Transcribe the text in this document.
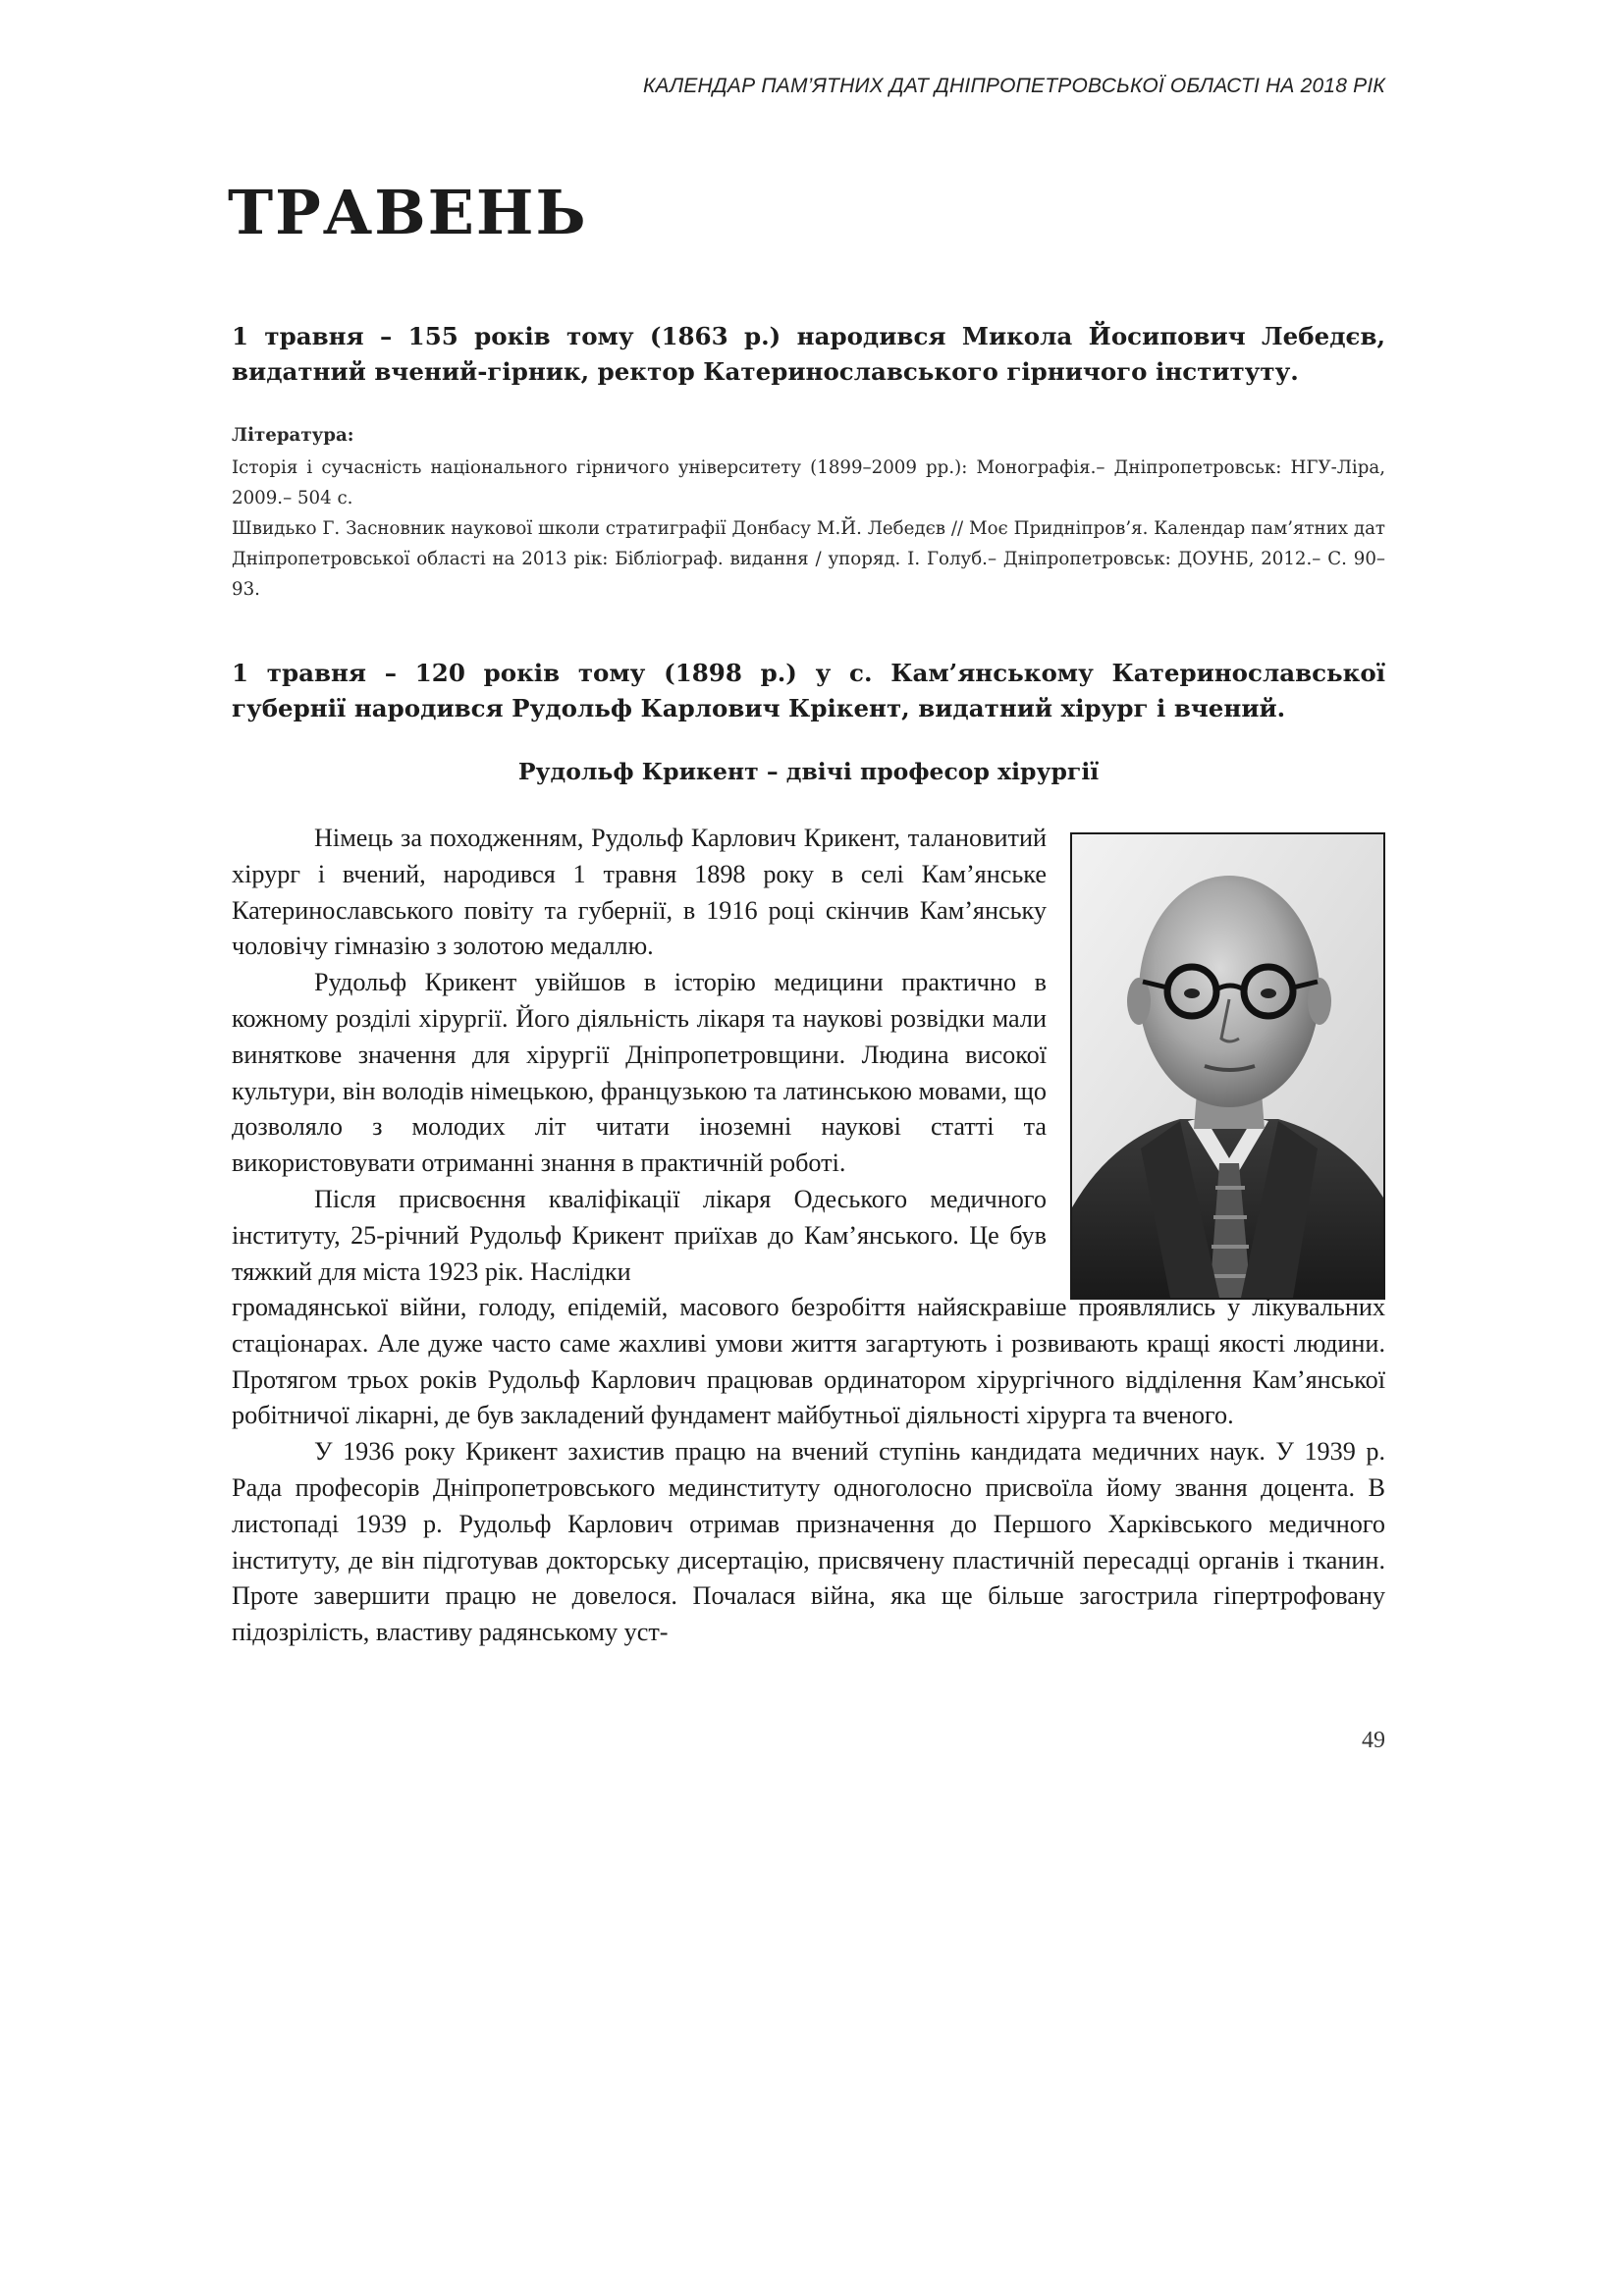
КАЛЕНДАР ПАМ’ЯТНИХ ДАТ ДНІПРОПЕТРОВСЬКОЇ ОБЛАСТІ НА 2018 РІК
ТРАВЕНЬ

1 травня – 155 років тому (1863 р.) народився Микола Йосипович Лебедєв, видатний вчений-гірник, ректор Катеринославського гірничого інституту.

Література:

Історія і сучасність національного гірничого університету (1899–2009 рр.): Монографія.– Дніпропетровськ: НГУ-Ліра, 2009.– 504 с.

Швидько Г. Засновник наукової школи стратиграфії Донбасу М.Й. Лебедєв // Моє Придніпров’я. Календар пам’ятних дат Дніпропетровської області на 2013 рік: Бібліограф. видання / упоряд. І. Голуб.– Дніпропетровськ: ДОУНБ, 2012.– С. 90–93.

1 травня – 120 років тому (1898 р.) у с. Кам’янському Катеринославської губернії народився Рудольф Карлович Крікент, видатний хірург і вчений.

Рудольф Крикент – двічі професор хірургії

Німець за походженням, Рудольф Карлович Крикент, талановитий хірург і вчений, народився 1 травня 1898 року в селі Кам’янське Катеринославського повіту та губернії, в 1916 році скінчив Кам’янську чоловічу гімназію з золотою медаллю.

Рудольф Крикент увійшов в історію медицини практично в кожному розділі хірургії. Його діяльність лікаря та наукові розвідки мали виняткове значення для хірургії Дніпропетровщини. Людина високої культури, він володів німецькою, французькою та латинською мовами, що дозволяло з молодих літ читати іноземні наукові статті та використовувати отриманні знання в практичній роботі.

Після присвоєння кваліфікації лікаря Одеського медичного інституту, 25-річний Рудольф Крикент приїхав до Кам’янського. Це був тяжкий для міста 1923 рік. Наслідки

громадянської війни, голоду, епідемій, масового безробіття найяскравіше проявлялись у лікувальних стаціонарах. Але дуже часто саме жахливі умови життя загартують і розвивають кращі якості людини. Протягом трьох років Рудольф Карлович працював ординатором хірургічного відділення Кам’янської робітничої лікарні, де був закладений фундамент майбутньої діяльності хірурга та вченого.

У 1936 року Крикент захистив працю на вчений ступінь кандидата медичних наук. У 1939 р. Рада професорів Дніпропетровського мединституту одноголосно присвоїла йому звання доцента. В листопаді 1939 р. Рудольф Карлович отримав призначення до Першого Харківського медичного інституту, де він підготував докторську дисертацію, присвячену пластичній пересадці органів і тканин. Проте завершити працю не довелося. Почалася війна, яка ще більше загострила гіпертрофовану підозрілість, властиву радянському уст-

49
